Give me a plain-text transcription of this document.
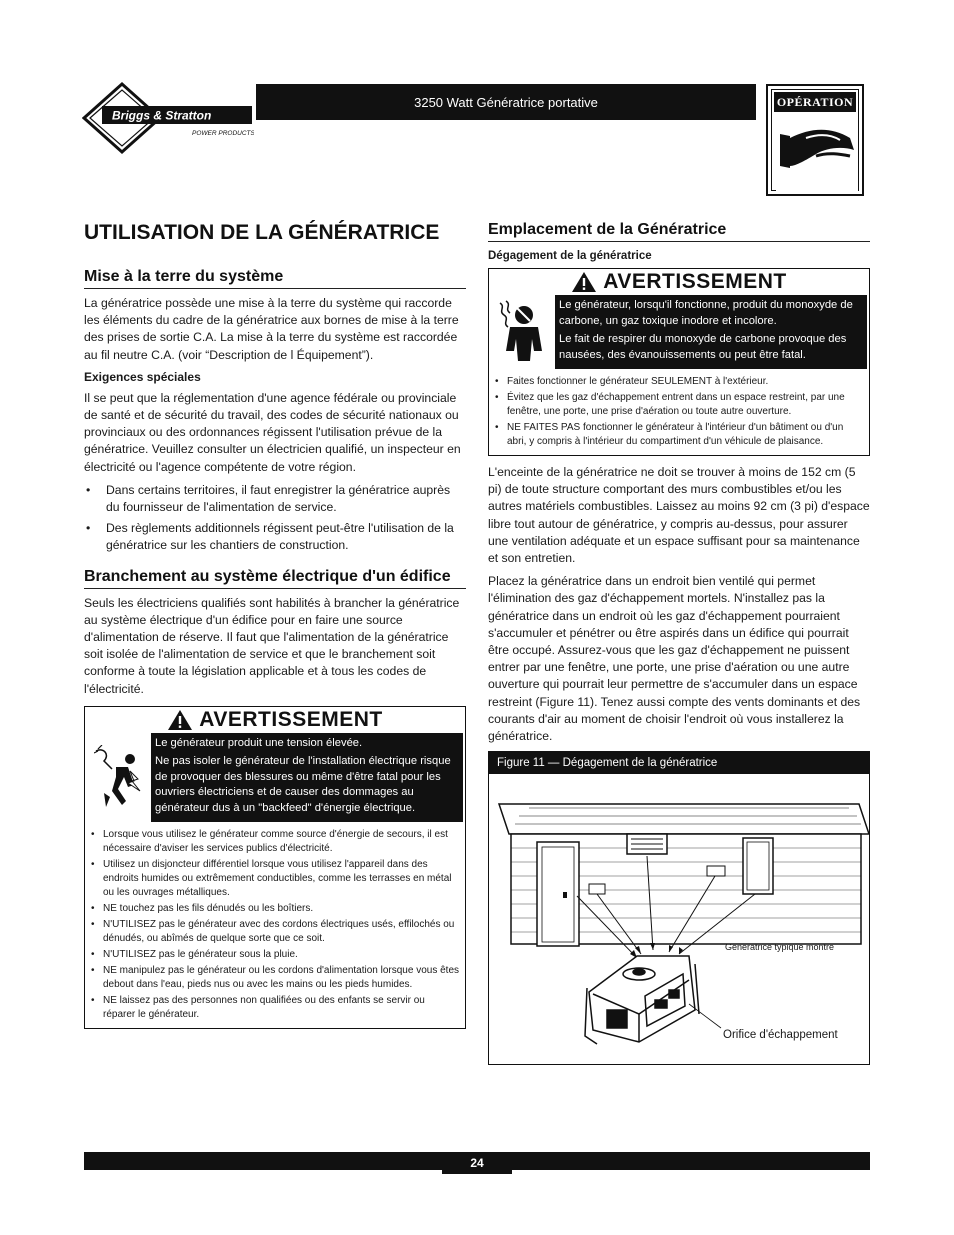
Briggs & Stratton
POWER PRODUCTS
3250 Watt Génératrice portative	OPÉRATION
UTILISATION DE LA GÉNÉRATRICE
Mise à la terre du système

La génératrice possède une mise à la terre du système qui raccorde les éléments du cadre de la génératrice aux bornes de mise à la terre des prises de sortie C.A. La mise à la terre du système est raccordée au fil neutre C.A. (voir “Description de l Équipement”).

Exigences spéciales

Il se peut que la réglementation d'une agence fédérale ou provinciale de santé et de sécurité du travail, des codes de sécurité nationaux ou provinciaux ou des ordonnances régissent l'utilisation prévue de la génératrice. Veuillez consulter un électricien qualifié, un inspecteur en électricité ou l'agence compétente de votre région.

• Dans certains territoires, il faut enregistrer la génératrice auprès du fournisseur de l'alimentation de service.
• Des règlements additionnels régissent peut-être l'utilisation de la génératrice sur les chantiers de construction.
Branchement au système électrique d'un édifice

Seuls les électriciens qualifiés sont habilités à brancher la génératrice au système électrique d'un édifice pour en faire une source d'alimentation de réserve. Il faut que l'alimentation de la génératrice soit isolée de l'alimentation de service et que le branchement soit conforme à toute la législation applicable et à tous les codes de l'électricité.

AVERTISSEMENT
Le générateur produit une tension élevée.
Ne pas isoler le générateur de l'installation électrique risque de provoquer des blessures ou même d'être fatal pour les ouvriers électriciens et de causer des dommages au générateur dus à un "backfeed" d'énergie électrique.
• Lorsque vous utilisez le générateur comme source d'énergie de secours, il est nécessaire d'aviser les services publics d'électricité.
• Utilisez un disjoncteur différentiel lorsque vous utilisez l'appareil dans des endroits humides ou extrêmement conductibles, comme les terrasses en métal ou les ouvrages métalliques.
• NE touchez pas les fils dénudés ou les boîtiers.
• N'UTILISEZ pas le générateur avec des cordons électriques usés, effilochés ou dénudés, ou abîmés de quelque sorte que ce soit.
• N'UTILISEZ pas le générateur sous la pluie.
• NE manipulez pas le générateur ou les cordons d'alimentation lorsque vous êtes debout dans l'eau, pieds nus ou avec les mains ou les pieds humides.
• NE laissez pas des personnes non qualifiées ou des enfants se servir ou réparer le générateur.
Emplacement de la Génératrice
Dégagement de la génératrice
AVERTISSEMENT
Le générateur, lorsqu'il fonctionne, produit du monoxyde de carbone, un gaz toxique inodore et incolore.
Le fait de respirer du monoxyde de carbone provoque des nausées, des évanouissements ou peut être fatal.
• Faites fonctionner le générateur SEULEMENT à l'extérieur.
• Évitez que les gaz d'échappement entrent dans un espace restreint, par une fenêtre, une porte, une prise d'aération ou toute autre ouverture.
• NE FAITES PAS fonctionner le générateur à l'intérieur d'un bâtiment ou d'un abri, y compris à l'intérieur du compartiment d'un véhicule de plaisance.

L'enceinte de la génératrice ne doit se trouver à moins de 152 cm (5 pi) de toute structure comportant des murs combustibles et/ou les autres matériels combustibles. Laissez au moins 92 cm (3 pi) d'espace libre tout autour de génératrice, y compris au-dessus, pour assurer une ventilation adéquate et un espace suffisant pour sa maintenance et son entretien.

Placez la génératrice dans un endroit bien ventilé qui permet l'élimination des gaz d'échappement mortels. N'installez pas la génératrice dans un endroit où les gaz d'échappement pourraient s'accumuler et pénétrer ou être aspirés dans un édifice qui pourrait être occupé. Assurez-vous que les gaz d'échappement ne puissent entrer par une fenêtre, une porte, une prise d'aération ou une autre ouverture qui pourrait leur permettre de s'accumuler dans un espace restreint (Figure 11). Tenez aussi compte des vents dominants et des courants d'air au moment de choisir l'endroit où vous installerez la génératrice.

Figure 11 — Dégagement de la génératrice
Génératrice typique montré
Orifice d'échappement
24
